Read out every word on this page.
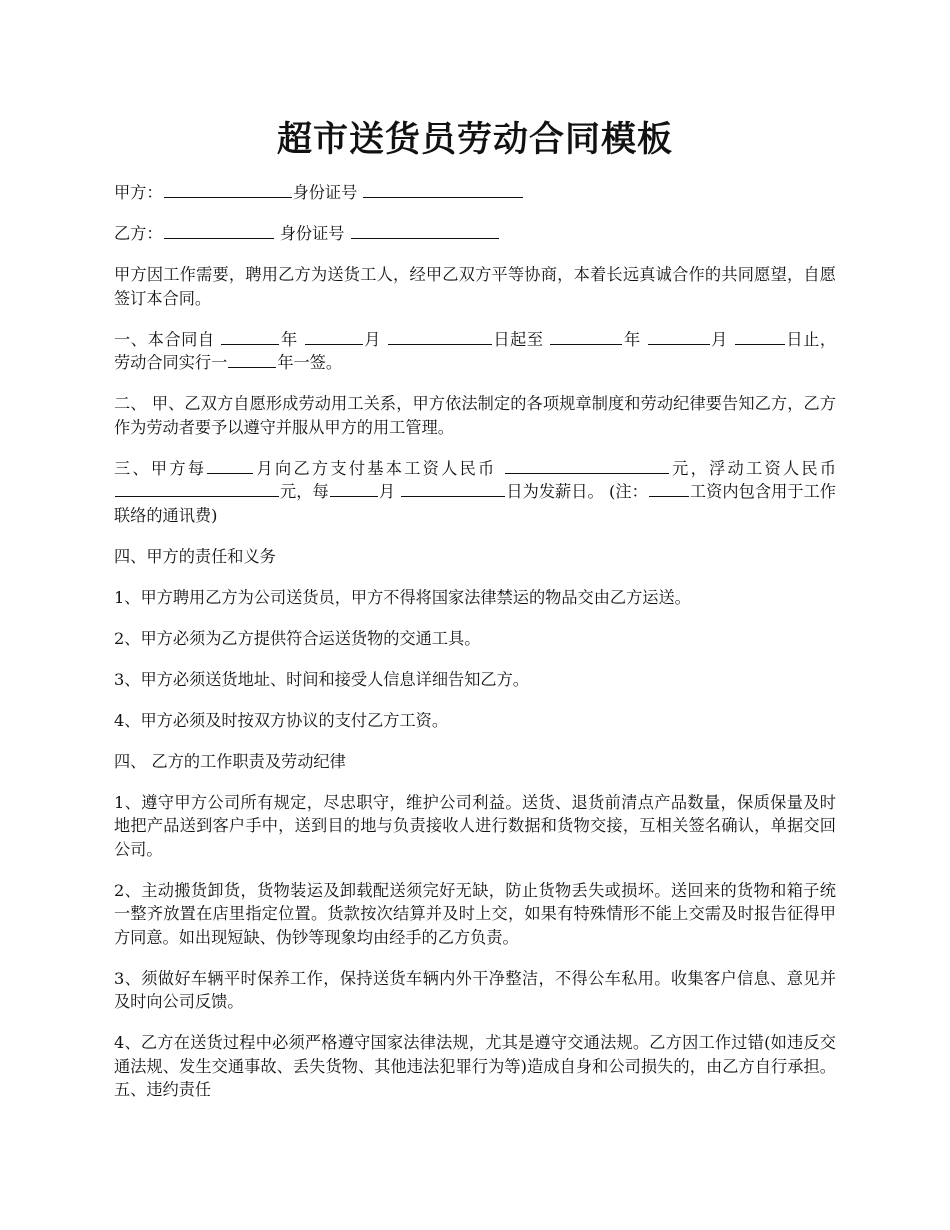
超市送货员劳动合同模板

甲方：	身份证号

乙方：	身份证号

甲方因工作需要，聘用乙方为送货工人，经甲乙双方平等协商，本着长远真诚合作的共同愿望，自愿签订本合同。

一、本合同自	年	月	日起至	年	月	日止， 劳动合同实行一	年一签。

二、 甲、乙双方自愿形成劳动用工关系，甲方依法制定的各项规章制度和劳动纪律要告知乙方，乙方作为劳动者要予以遵守并服从甲方的用工管理。

三、甲方每	月向乙方支付基本工资人民币	元，浮动工资人民币 元，每	月	日为发薪日。 (注：	工资内包含用于工作联络的通讯费)

四、甲方的责任和义务

1、甲方聘用乙方为公司送货员，甲方不得将国家法律禁运的物品交由乙方运送。

2、甲方必须为乙方提供符合运送货物的交通工具。

3、甲方必须送货地址、时间和接受人信息详细告知乙方。

4、甲方必须及时按双方协议的支付乙方工资。

四、 乙方的工作职责及劳动纪律

1、遵守甲方公司所有规定，尽忠职守，维护公司利益。送货、退货前清点产品数量，保质保量及时地把产品送到客户手中，送到目的地与负责接收人进行数据和货物交接，互相关签名确认，单据交回公司。

2、主动搬货卸货，货物装运及卸载配送须完好无缺，防止货物丢失或损坏。送回来的货物和箱子统一整齐放置在店里指定位置。货款按次结算并及时上交，如果有特殊情形不能上交需及时报告征得甲方同意。如出现短缺、伪钞等现象均由经手的乙方负责。

3、须做好车辆平时保养工作，保持送货车辆内外干净整洁，不得公车私用。收集客户信息、意见并及时向公司反馈。

4、乙方在送货过程中必须严格遵守国家法律法规，尤其是遵守交通法规。乙方因工作过错(如违反交通法规、发生交通事故、丢失货物、其他违法犯罪行为等)造成自身和公司损失的，由乙方自行承担。五、违约责任
